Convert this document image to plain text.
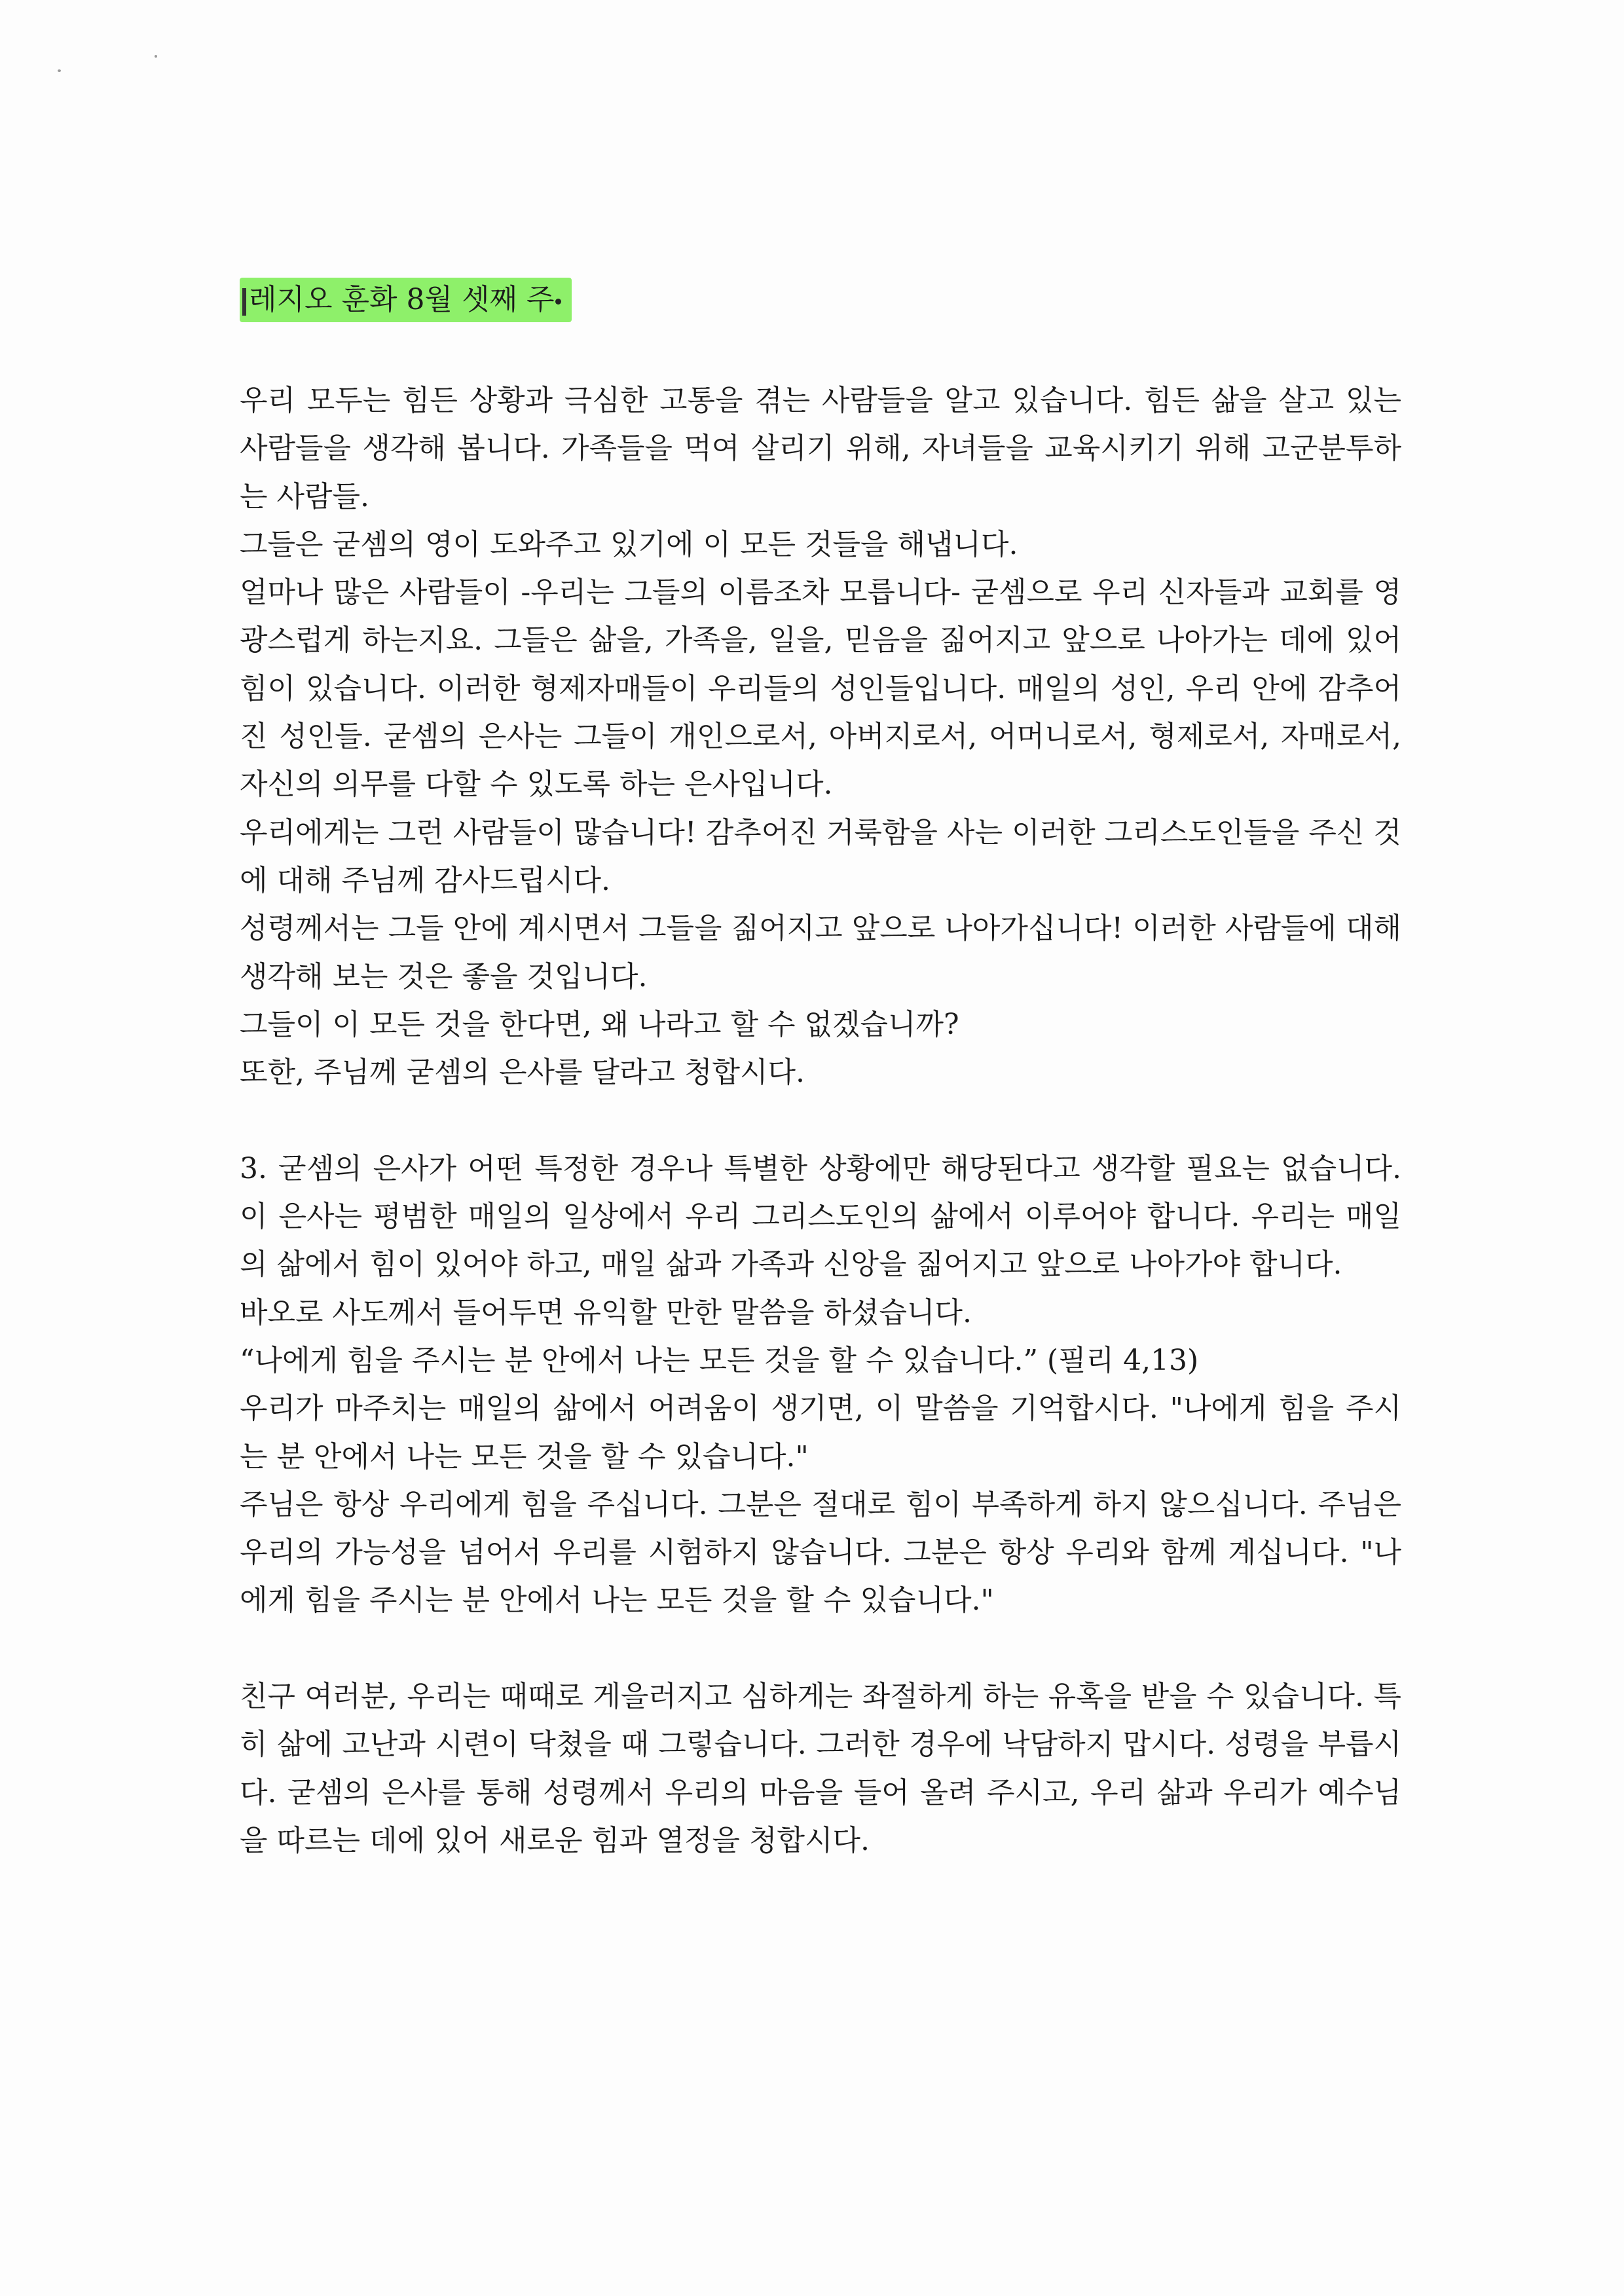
레지오 훈화 8월 셋째 주

우리 모두는 힘든 상황과 극심한 고통을 겪는 사람들을 알고 있습니다. 힘든 삶을 살고 있는 사람들을 생각해 봅니다. 가족들을 먹여 살리기 위해, 자녀들을 교육시키기 위해 고군분투하는 사람들.

그들은 굳셈의 영이 도와주고 있기에 이 모든 것들을 해냅니다.

얼마나 많은 사람들이 -우리는 그들의 이름조차 모릅니다- 굳셈으로 우리 신자들과 교회를 영광스럽게 하는지요. 그들은 삶을, 가족을, 일을, 믿음을 짊어지고 앞으로 나아가는 데에 있어 힘이 있습니다. 이러한 형제자매들이 우리들의 성인들입니다. 매일의 성인, 우리 안에 감추어진 성인들. 굳셈의 은사는 그들이 개인으로서, 아버지로서, 어머니로서, 형제로서, 자매로서, 자신의 의무를 다할 수 있도록 하는 은사입니다.

우리에게는 그런 사람들이 많습니다! 감추어진 거룩함을 사는 이러한 그리스도인들을 주신 것에 대해 주님께 감사드립시다.

성령께서는 그들 안에 계시면서 그들을 짊어지고 앞으로 나아가십니다! 이러한 사람들에 대해 생각해 보는 것은 좋을 것입니다.

그들이 이 모든 것을 한다면, 왜 나라고 할 수 없겠습니까?

또한, 주님께 굳셈의 은사를 달라고 청합시다.

3. 굳셈의 은사가 어떤 특정한 경우나 특별한 상황에만 해당된다고 생각할 필요는 없습니다. 이 은사는 평범한 매일의 일상에서 우리 그리스도인의 삶에서 이루어야 합니다. 우리는 매일의 삶에서 힘이 있어야 하고, 매일 삶과 가족과 신앙을 짊어지고 앞으로 나아가야 합니다.

바오로 사도께서 들어두면 유익할 만한 말씀을 하셨습니다.

“나에게 힘을 주시는 분 안에서 나는 모든 것을 할 수 있습니다.” (필리 4,13)

우리가 마주치는 매일의 삶에서 어려움이 생기면, 이 말씀을 기억합시다. "나에게 힘을 주시는 분 안에서 나는 모든 것을 할 수 있습니다."

주님은 항상 우리에게 힘을 주십니다. 그분은 절대로 힘이 부족하게 하지 않으십니다. 주님은 우리의 가능성을 넘어서 우리를 시험하지 않습니다. 그분은 항상 우리와 함께 계십니다. "나에게 힘을 주시는 분 안에서 나는 모든 것을 할 수 있습니다."

친구 여러분, 우리는 때때로 게을러지고 심하게는 좌절하게 하는 유혹을 받을 수 있습니다. 특히 삶에 고난과 시련이 닥쳤을 때 그렇습니다. 그러한 경우에 낙담하지 맙시다. 성령을 부릅시다. 굳셈의 은사를 통해 성령께서 우리의 마음을 들어 올려 주시고, 우리 삶과 우리가 예수님을 따르는 데에 있어 새로운 힘과 열정을 청합시다.
